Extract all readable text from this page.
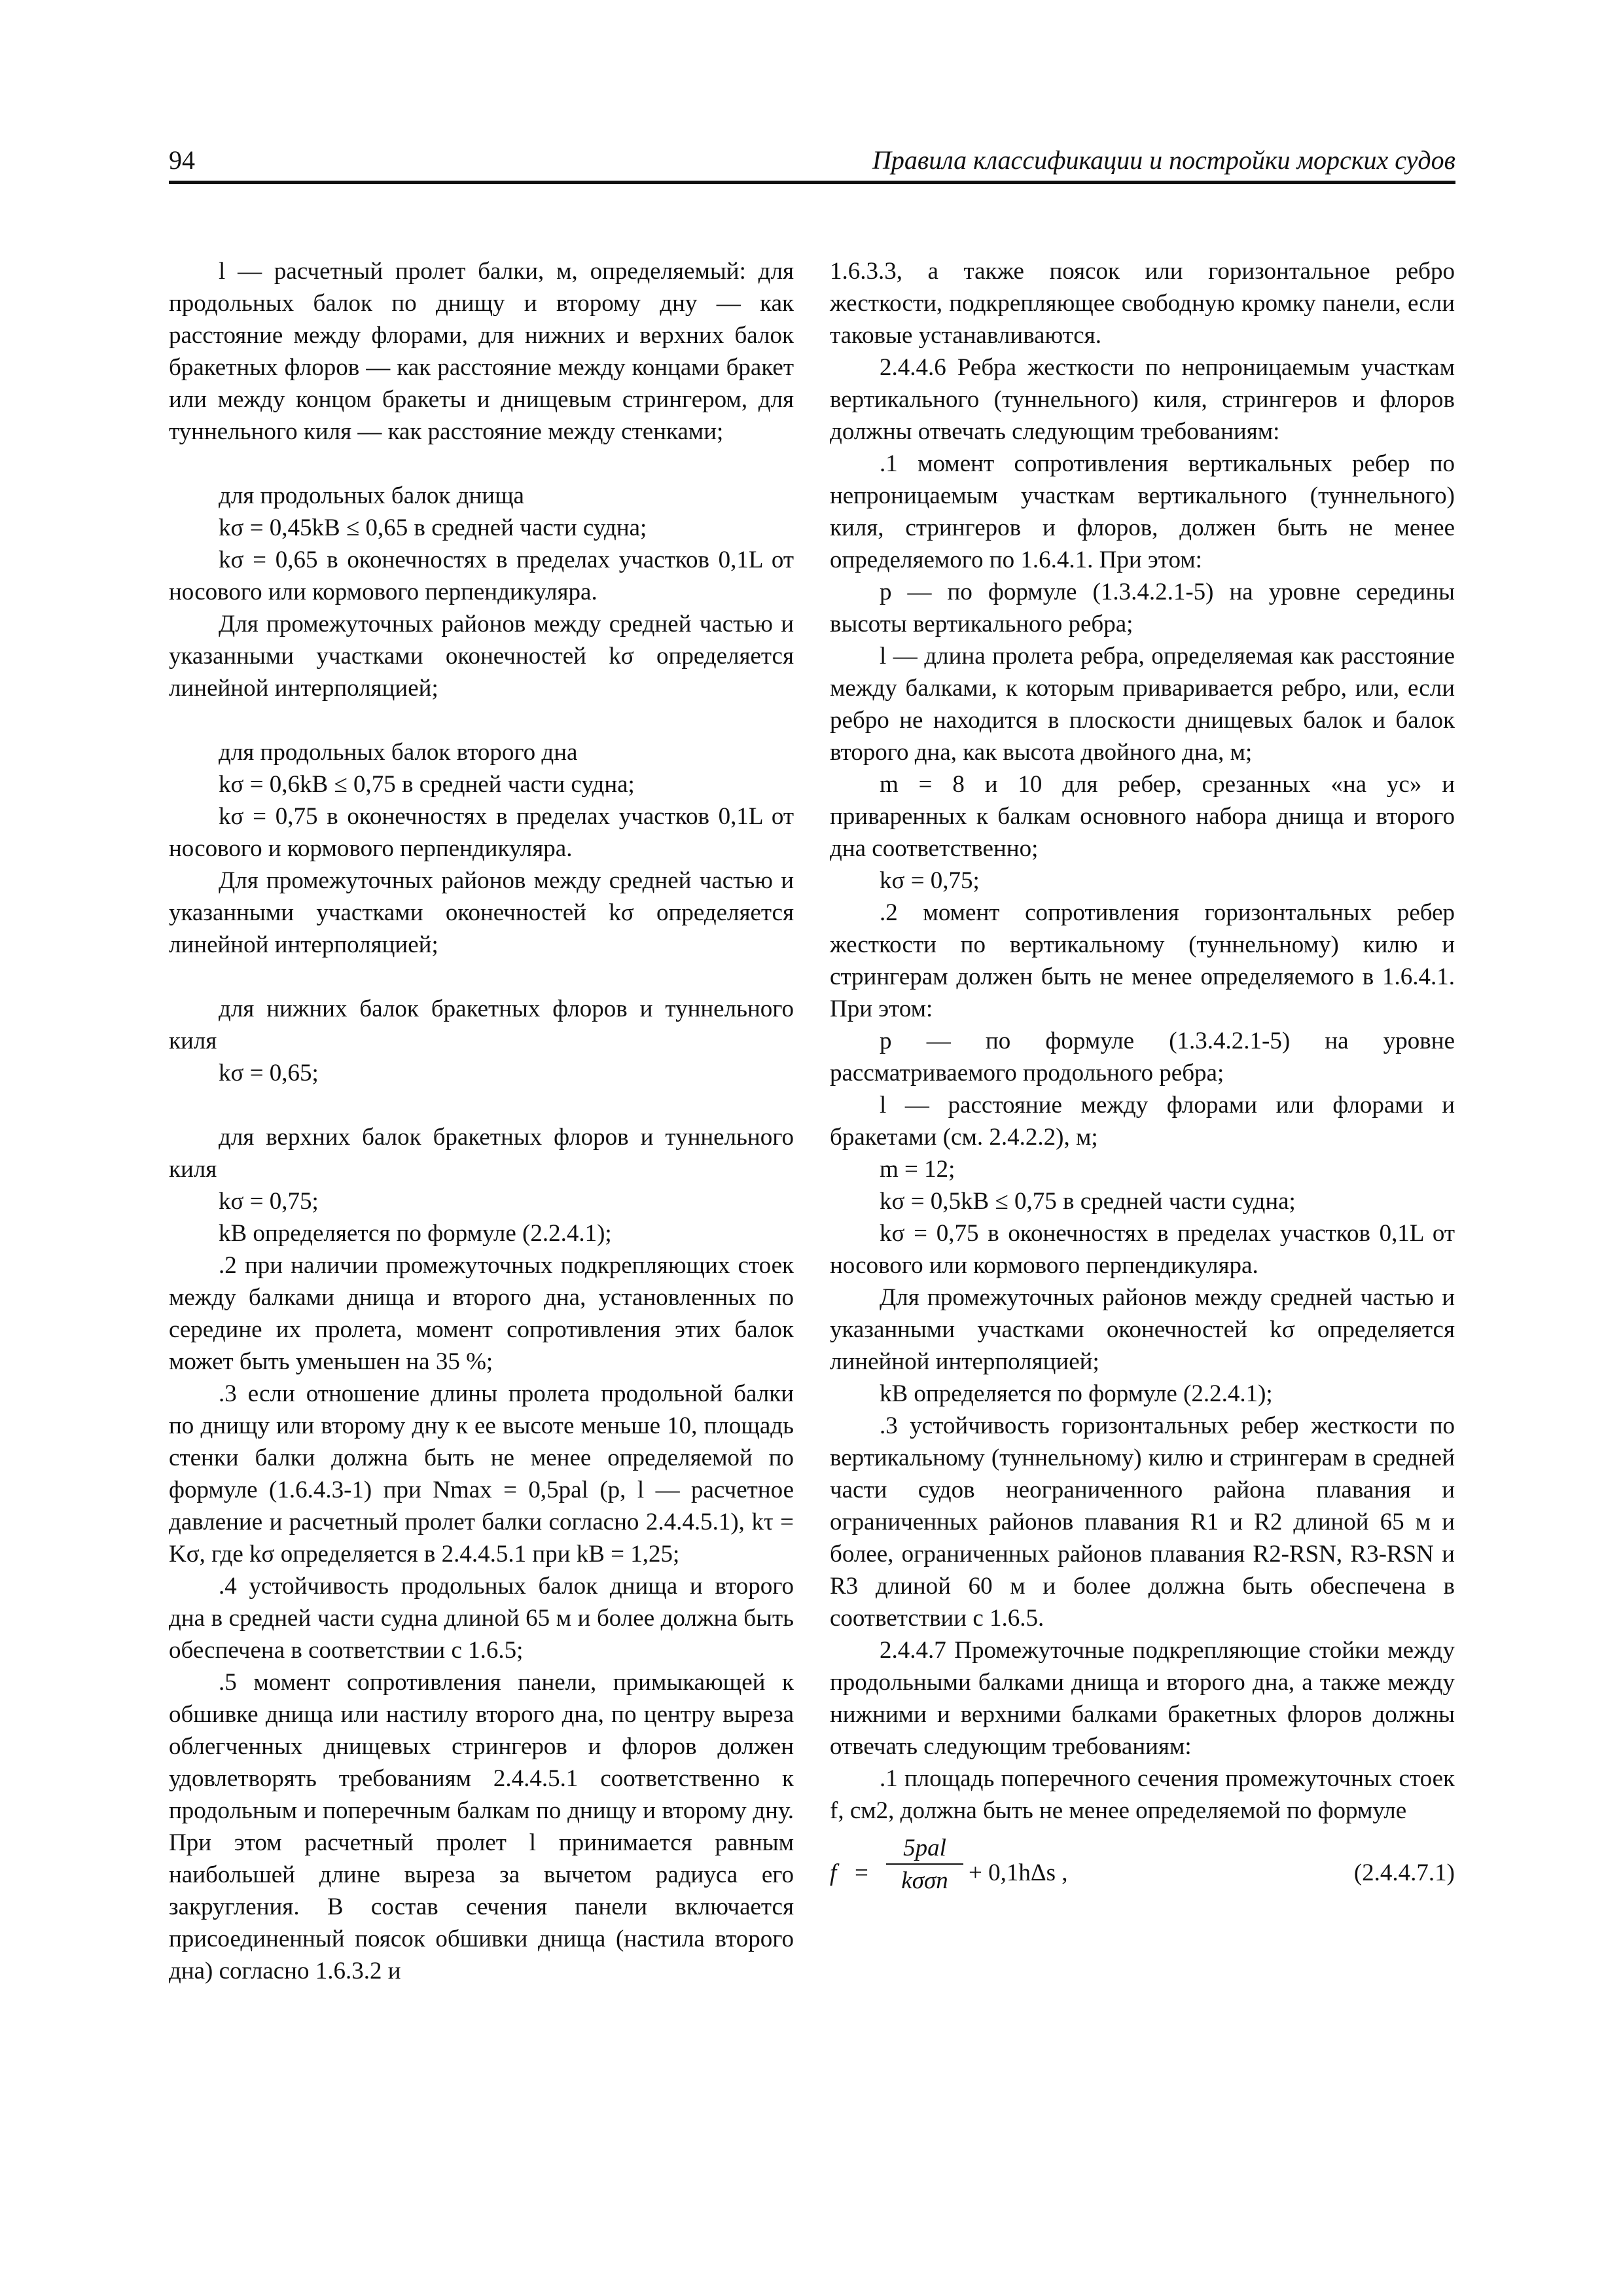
94	Правила классификации и постройки морских судов

l — расчетный пролет балки, м, определяемый: для продольных балок по днищу и второму дну — как расстояние между флорами, для нижних и верхних балок бракетных флоров — как расстояние между концами бракет или между концом бракеты и днищевым стрингером, для туннельного киля — как расстояние между стенками;

для продольных балок днища

kσ = 0,45kB ≤ 0,65 в средней части судна;

kσ = 0,65 в оконечностях в пределах участков 0,1L от носового или кормового перпендикуляра.

Для промежуточных районов между средней частью и указанными участками оконечностей kσ определяется линейной интерполяцией;

для продольных балок второго дна

kσ = 0,6kB ≤ 0,75 в средней части судна;

kσ = 0,75 в оконечностях в пределах участков 0,1L от носового и кормового перпендикуляра.

Для промежуточных районов между средней частью и указанными участками оконечностей kσ определяется линейной интерполяцией;

для нижних балок бракетных флоров и туннельного киля

kσ = 0,65;

для верхних балок бракетных флоров и туннельного киля

kσ = 0,75;

kB определяется по формуле (2.2.4.1);

.2 при наличии промежуточных подкрепляющих стоек между балками днища и второго дна, установленных по середине их пролета, момент сопротивления этих балок может быть уменьшен на 35 %;

.3 если отношение длины пролета продольной балки по днищу или второму дну к ее высоте меньше 10, площадь стенки балки должна быть не менее определяемой по формуле (1.6.4.3-1) при Nmax = 0,5pal (p, l — расчетное давление и расчетный пролет балки согласно 2.4.4.5.1), kτ = Kσ, где kσ определяется в 2.4.4.5.1 при kB = 1,25;

.4 устойчивость продольных балок днища и второго дна в средней части судна длиной 65 м и более должна быть обеспечена в соответствии с 1.6.5;

.5 момент сопротивления панели, примыкающей к обшивке днища или настилу второго дна, по центру выреза облегченных днищевых стрингеров и флоров должен удовлетворять требованиям 2.4.4.5.1 соответственно к продольным и поперечным балкам по днищу и второму дну. При этом расчетный пролет l принимается равным наибольшей длине выреза за вычетом радиуса его закругления. В состав сечения панели включается присоединенный поясок обшивки днища (настила второго дна) согласно 1.6.3.2 и

1.6.3.3, а также поясок или горизонтальное ребро жесткости, подкрепляющее свободную кромку панели, если таковые устанавливаются.

2.4.4.6 Ребра жесткости по непроницаемым участкам вертикального (туннельного) киля, стрингеров и флоров должны отвечать следующим требованиям:

.1 момент сопротивления вертикальных ребер по непроницаемым участкам вертикального (туннельного) киля, стрингеров и флоров, должен быть не менее определяемого по 1.6.4.1. При этом:

p — по формуле (1.3.4.2.1-5) на уровне середины высоты вертикального ребра;

l — длина пролета ребра, определяемая как расстояние между балками, к которым приваривается ребро, или, если ребро не находится в плоскости днищевых балок и балок второго дна, как высота двойного дна, м;

m = 8 и 10 для ребер, срезанных «на ус» и приваренных к балкам основного набора днища и второго дна соответственно;

kσ = 0,75;

.2 момент сопротивления горизонтальных ребер жесткости по вертикальному (туннельному) килю и стрингерам должен быть не менее определяемого в 1.6.4.1. При этом:

p — по формуле (1.3.4.2.1-5) на уровне рассматриваемого продольного ребра;

l — расстояние между флорами или флорами и бракетами (см. 2.4.2.2), м;

m = 12;

kσ = 0,5kB ≤ 0,75 в средней части судна;

kσ = 0,75 в оконечностях в пределах участков 0,1L от носового или кормового перпендикуляра.

Для промежуточных районов между средней частью и указанными участками оконечностей kσ определяется линейной интерполяцией;

kB определяется по формуле (2.2.4.1);

.3 устойчивость горизонтальных ребер жесткости по вертикальному (туннельному) килю и стрингерам в средней части судов неограниченного района плавания и ограниченных районов плавания R1 и R2 длиной 65 м и более, ограниченных районов плавания R2-RSN, R3-RSN и R3 длиной 60 м и более должна быть обеспечена в соответствии с 1.6.5.

2.4.4.7 Промежуточные подкрепляющие стойки между продольными балками днища и второго дна, а также между нижними и верхними балками бракетных флоров должны отвечать следующим требованиям:

.1 площадь поперечного сечения промежуточных стоек f, см2, должна быть не менее определяемой по формуле

f =
5pal
kσσn + 0,1hΔs ,	(2.4.4.7.1)
